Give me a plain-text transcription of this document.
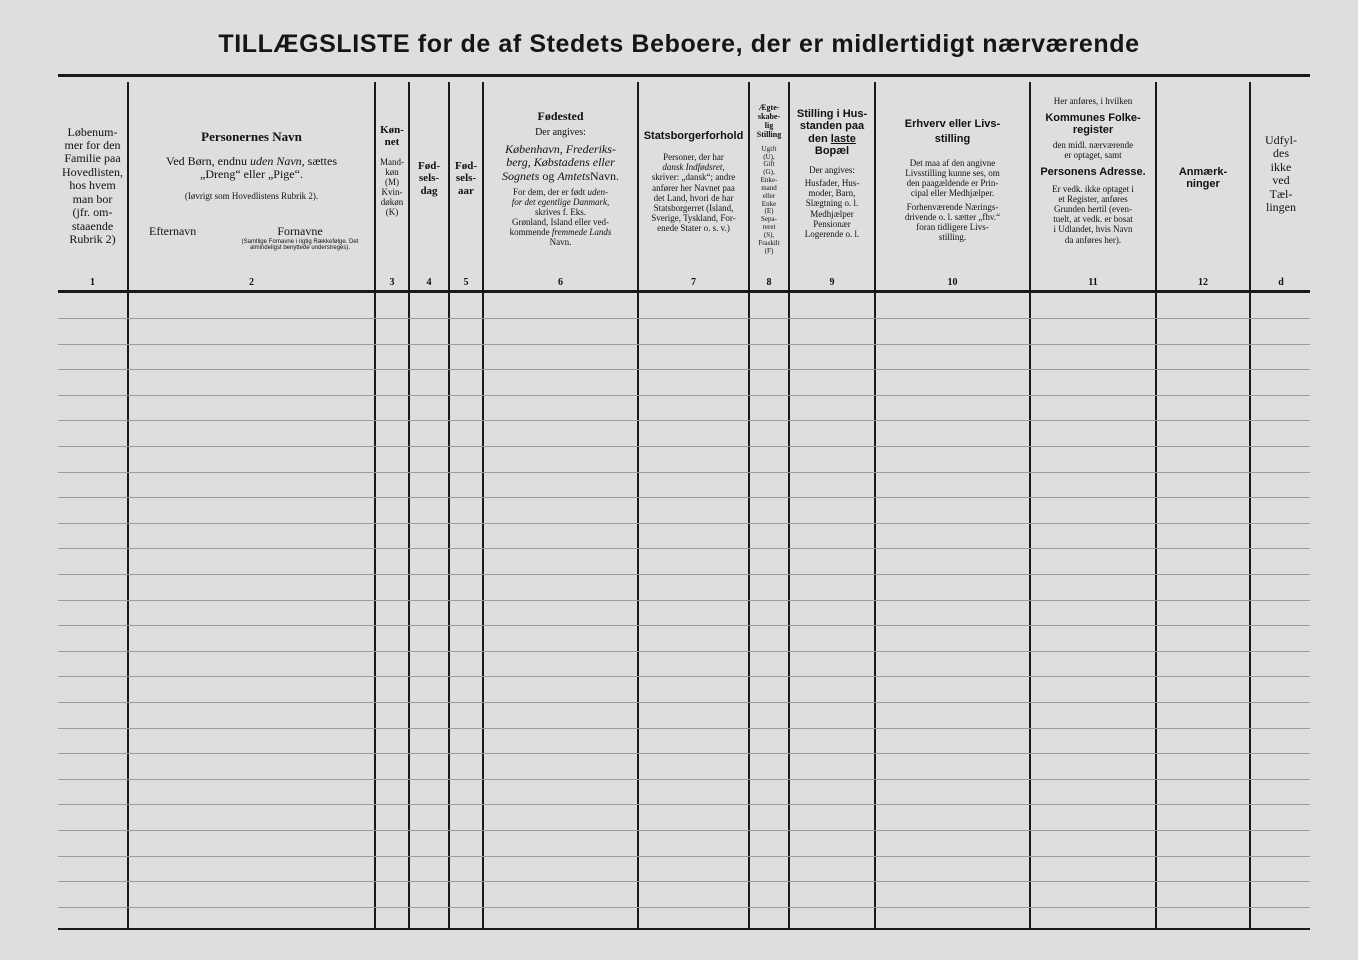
TILLÆGSLISTE for de af Stedets Beboere, der er midlertidigt nærværende
Løbenum-
mer for den
Familie paa
Hovedlisten,
hos hvem
man bor
(jfr. om-
staaende
Rubrik 2)
1
Personernes Navn
Ved Børn, endnu uden Navn, sættes
„Dreng“ eller „Pige“.
(Iøvrigt som Hovedlistens Rubrik 2).
Efternavn	Fornavne
(Samtlige Fornavne i rigtig Rækkefølge. Det almindeligst benyttede understreges).
2
Køn-
net
Mand-
køn
(M)
Kvin-
døkøn
(K)
3
Fød-
sels-
dag
4
Fød-
sels-
aar
5
Fødested
Der angives:
København, Frederiks-
berg, Købstadens eller
Sognets og AmtetsNavn.
For dem, der er født uden-
for det egentlige Danmark,
skrives f. Eks.
Grønland, Island eller ved-
kommende fremmede Lands
Navn.
6
Statsborgerforhold
Personer, der har
dansk Indfødsret,
skriver: „dansk“; andre
anfører her Navnet paa
det Land, hvori de har
Statsborgerret (Island,
Sverige, Tyskland, For-
enede Stater o. s. v.)
7
Ægte-
skabe-
lig
Stilling
Ugift
(U),
Gift
(G),
Enke-
mand
eller
Enke
(E)
Sepa-
reret
(S),
Fraskilt
(F)
8
Stilling i Hus-
standen paa
den laste
Bopæl
Der angives:
Husfader, Hus-
moder, Barn,
Slægtning o. l.
Medhjælper
Pensionær
Logerende o. l.
9
Erhverv eller Livs-
stilling
Det maa af den angivne
Livsstilling kunne ses, om
den paagældende er Prin-
cipal eller Medhjælper.
Forhenværende Nærings-
drivende o. l. sætter „fhv.“
foran tidligere Livs-
stilling.
10
Her anføres, i hvilken
Kommunes Folke-
register
den midl. nærværende
er optaget, samt
Personens Adresse.
Er vedk. ikke optaget i
et Register, anføres
Grunden hertil (even-
tuelt, at vedk. er bosat
i Udlandet, hvis Navn
da anføres her).
11
Anmærk-
ninger
12
Udfyl-
des
ikke
ved
Tæl-
lingen
d
